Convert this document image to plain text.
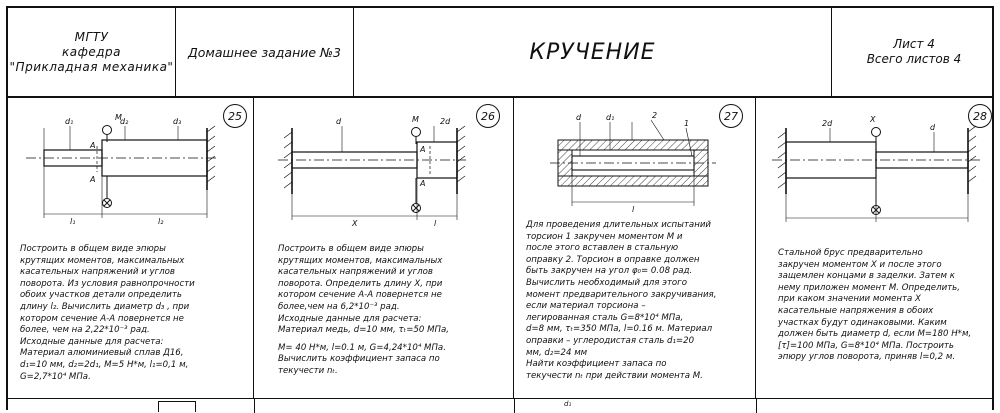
МГТУ
кафедра
"Прикладная механика"
Домашнее задание №3	КРУЧЕНИЕ	Лист 4
Всего листов 4
25
d₁	M
d₂	d₃
A
A
l₁	l₂
Построить в общем виде эпюры
крутящих моментов, максимальных
касательных напряжений и углов
поворота. Из условия равнопрочности
обоих участков детали определить
длину l₂. Вычислить диаметр d₃ , при
котором сечение A-A повернется не
более, чем на 2,22*10⁻³ рад.
Исходные данные для расчета:
Материал алюминиевый сплав Д16,
d₁=10 мм, d₂=2d₁, M=5 Н*м, l₁=0,1 м,
G=2,7*10⁴ МПа.
26
d	M	2d
A
A
X	l
Построить в общем виде эпюры
крутящих моментов, максимальных
касательных напряжений и углов
поворота. Определить длину X, при
котором сечение A-A повернется не
более,чем на 6,2*10⁻³ рад.
Исходные данные для расчета:
Материал медь, d=10 мм, τₜ=50 МПа,
M= 40 Н*м, l=0.1 м, G=4,24*10⁴ МПа.
Вычислить коэффициент запаса по
текучести nₜ.
27
d	d₁	2
1
l
Для проведения длительных испытаний
торсион 1 закручен моментом M и
после этого вставлен в стальную
оправку 2. Торсион в оправке должен
быть закручен на угол φ₀= 0.08 рад.
Вычислить необходимый для этого
момент предварительного закручивания,
если материал торсиона –
легированная сталь G=8*10⁴ МПа,
d=8 мм, τₜ=350 МПа, l=0.16 м. Материал
оправки – углеродистая сталь d₁=20
мм, d₂=24 мм
Найти коэффициент запаса по
текучести nₜ при действии момента M.
28
2d	X
d
Стальной брус предварительно
закручен моментом X и после этого
защемлен концами в заделки. Затем к
нему приложен момент M. Определить,
при каком значении момента X
касательные напряжения в обоих
участках будут одинаковыми. Каким
должен быть диаметр d, если M=180 Н*м,
[τ]=100 МПа, G=8*10⁴ МПа. Построить
эпюру углов поворота, приняв l=0,2 м.
d₁
